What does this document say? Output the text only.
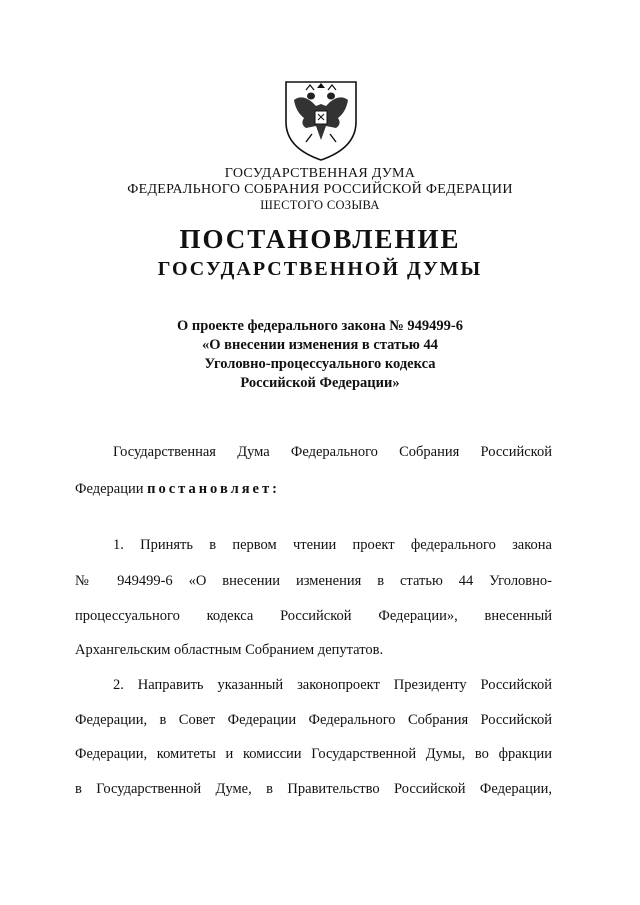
ГОСУДАРСТВЕННАЯ ДУМА
ФЕДЕРАЛЬНОГО СОБРАНИЯ РОССИЙСКОЙ ФЕДЕРАЦИИ
ШЕСТОГО СОЗЫВА
ПОСТАНОВЛЕНИЕ
ГОСУДАРСТВЕННОЙ ДУМЫ
О проекте федерального закона № 949499-6
«О внесении изменения в статью 44
Уголовно-процессуального кодекса
Российской Федерации»
Государственная Дума Федерального Собрания Российской
Федерации постановляет:
1. Принять в первом чтении проект федерального закона
№ 949499-6 «О внесении изменения в статью 44 Уголовно-
процессуального кодекса Российской Федерации», внесенный
Архангельским областным Собранием депутатов.
2. Направить указанный законопроект Президенту Российской
Федерации, в Совет Федерации Федерального Собрания Российской
Федерации, комитеты и комиссии Государственной Думы, во фракции
в Государственной Думе, в Правительство Российской Федерации,
